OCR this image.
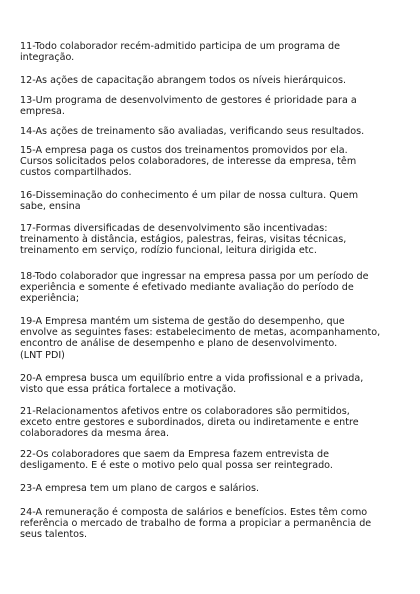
11-Todo colaborador recém-admitido participa de um programa de
integração.
12-As ações de capacitação abrangem todos os níveis hierárquicos.
13-Um programa de desenvolvimento de gestores é prioridade para a
empresa.
14-As ações de treinamento são avaliadas, verificando seus resultados.
15-A empresa paga os custos dos treinamentos promovidos por ela.
Cursos solicitados pelos colaboradores, de interesse da empresa, têm
custos compartilhados.
16-Disseminação do conhecimento é um pilar de nossa cultura. Quem
sabe, ensina
17-Formas diversificadas de desenvolvimento são incentivadas:
treinamento à distância, estágios, palestras, feiras, visitas técnicas,
treinamento em serviço, rodízio funcional, leitura dirigida etc.
18-Todo colaborador que ingressar na empresa passa por um período de
experiência e somente é efetivado mediante avaliação do período de
experiência;
19-A Empresa mantém um sistema de gestão do desempenho, que
envolve as seguintes fases: estabelecimento de metas, acompanhamento,
encontro de análise de desempenho e plano de desenvolvimento.
(LNT PDI)
20-A empresa busca um equilíbrio entre a vida profissional e a privada,
visto que essa prática fortalece a motivação.
21-Relacionamentos afetivos entre os colaboradores são permitidos,
exceto entre gestores e subordinados, direta ou indiretamente e entre
colaboradores da mesma área.
22-Os colaboradores que saem da Empresa fazem entrevista de
desligamento. E é este o motivo pelo qual possa ser reintegrado.
23-A empresa tem um plano de cargos e salários.
24-A remuneração é composta de salários e benefícios. Estes têm como
referência o mercado de trabalho de forma a propiciar a permanência de
seus talentos.
